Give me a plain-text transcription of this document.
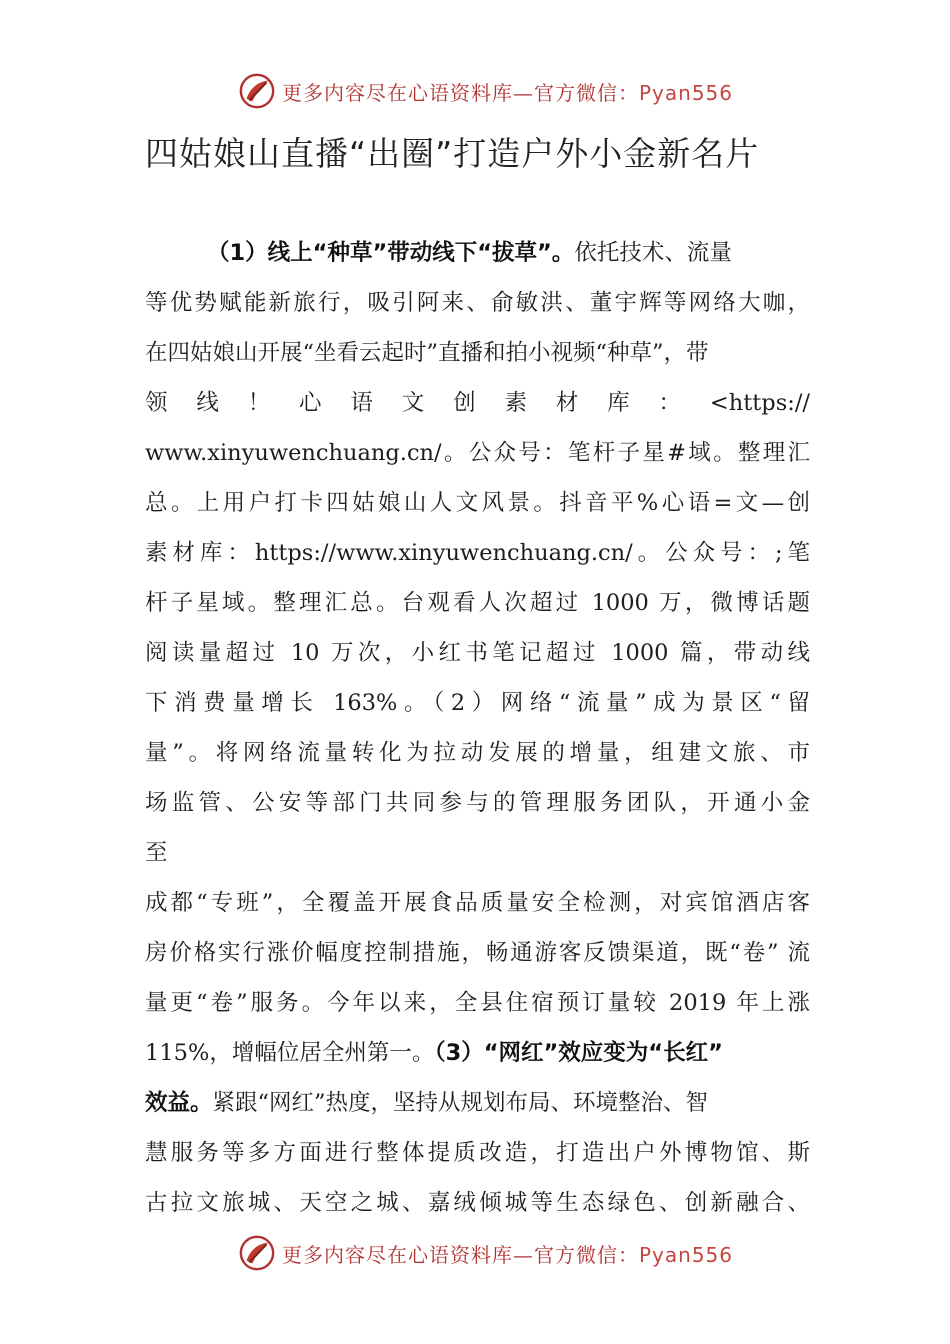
更多内容尽在心语资料库—官方微信：Pyan556
四姑娘山直播“出圈”打造户外小金新名片
（1）线上“种草”带动线下“拔草”。依托技术、流量
等优势赋能新旅行，吸引阿来、俞敏洪、董宇辉等网络大咖，
在四姑娘山开展“坐看云起时”直播和拍小视频“种草”，带
领线！心语文创素材库：<https://
www.xinyuwenchuang.cn/。公众号：笔杆子星#域。整理汇
总。上用户打卡四姑娘山人文风景。抖音平%心语=文—创
素材库：https://www.xinyuwenchuang.cn/。公众号：;笔
杆子星域。整理汇总。台观看人次超过 1000 万，微博话题
阅读量超过 10 万次，小红书笔记超过 1000 篇，带动线
下消费量增长 163%。（2）网络“流量”成为景区“留
量”。将网络流量转化为拉动发展的增量，组建文旅、市
场监管、公安等部门共同参与的管理服务团队，开通小金
至
成都“专班”，全覆盖开展食品质量安全检测，对宾馆酒店客
房价格实行涨价幅度控制措施，畅通游客反馈渠道，既“卷” 流
量更“卷”服务。今年以来，全县住宿预订量较 2019 年上涨
115%，增幅位居全州第一。（3）“网红”效应变为“长红”
效益。紧跟“网红”热度，坚持从规划布局、环境整治、智
慧服务等多方面进行整体提质改造，打造出户外博物馆、斯
古拉文旅城、天空之城、嘉绒倾城等生态绿色、创新融合、
更多内容尽在心语资料库—官方微信：Pyan556
